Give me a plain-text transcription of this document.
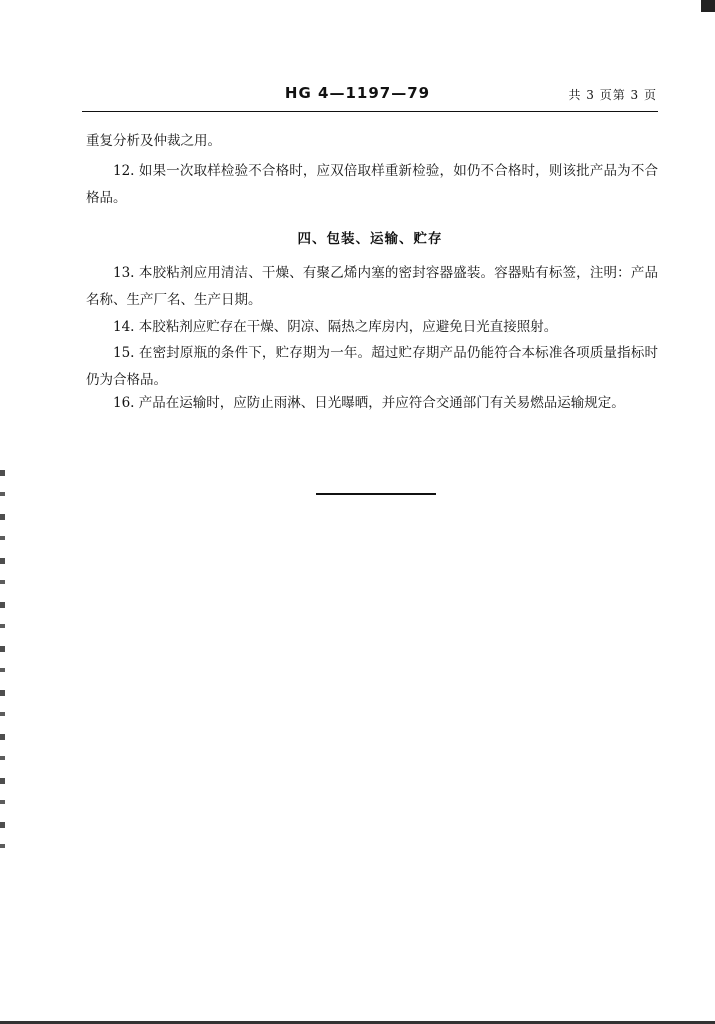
HG 4—1197—79	共 3 页第 3 页

重复分析及仲裁之用。

12. 如果一次取样检验不合格时，应双倍取样重新检验，如仍不合格时，则该批产品为不合格品。

四、包装、运输、贮存

13. 本胶粘剂应用清洁、干燥、有聚乙烯内塞的密封容器盛装。容器贴有标签，注明：产品名称、生产厂名、生产日期。

14. 本胶粘剂应贮存在干燥、阴凉、隔热之库房内，应避免日光直接照射。

15. 在密封原瓶的条件下，贮存期为一年。超过贮存期产品仍能符合本标准各项质量指标时仍为合格品。

16. 产品在运输时，应防止雨淋、日光曝晒，并应符合交通部门有关易燃品运输规定。
